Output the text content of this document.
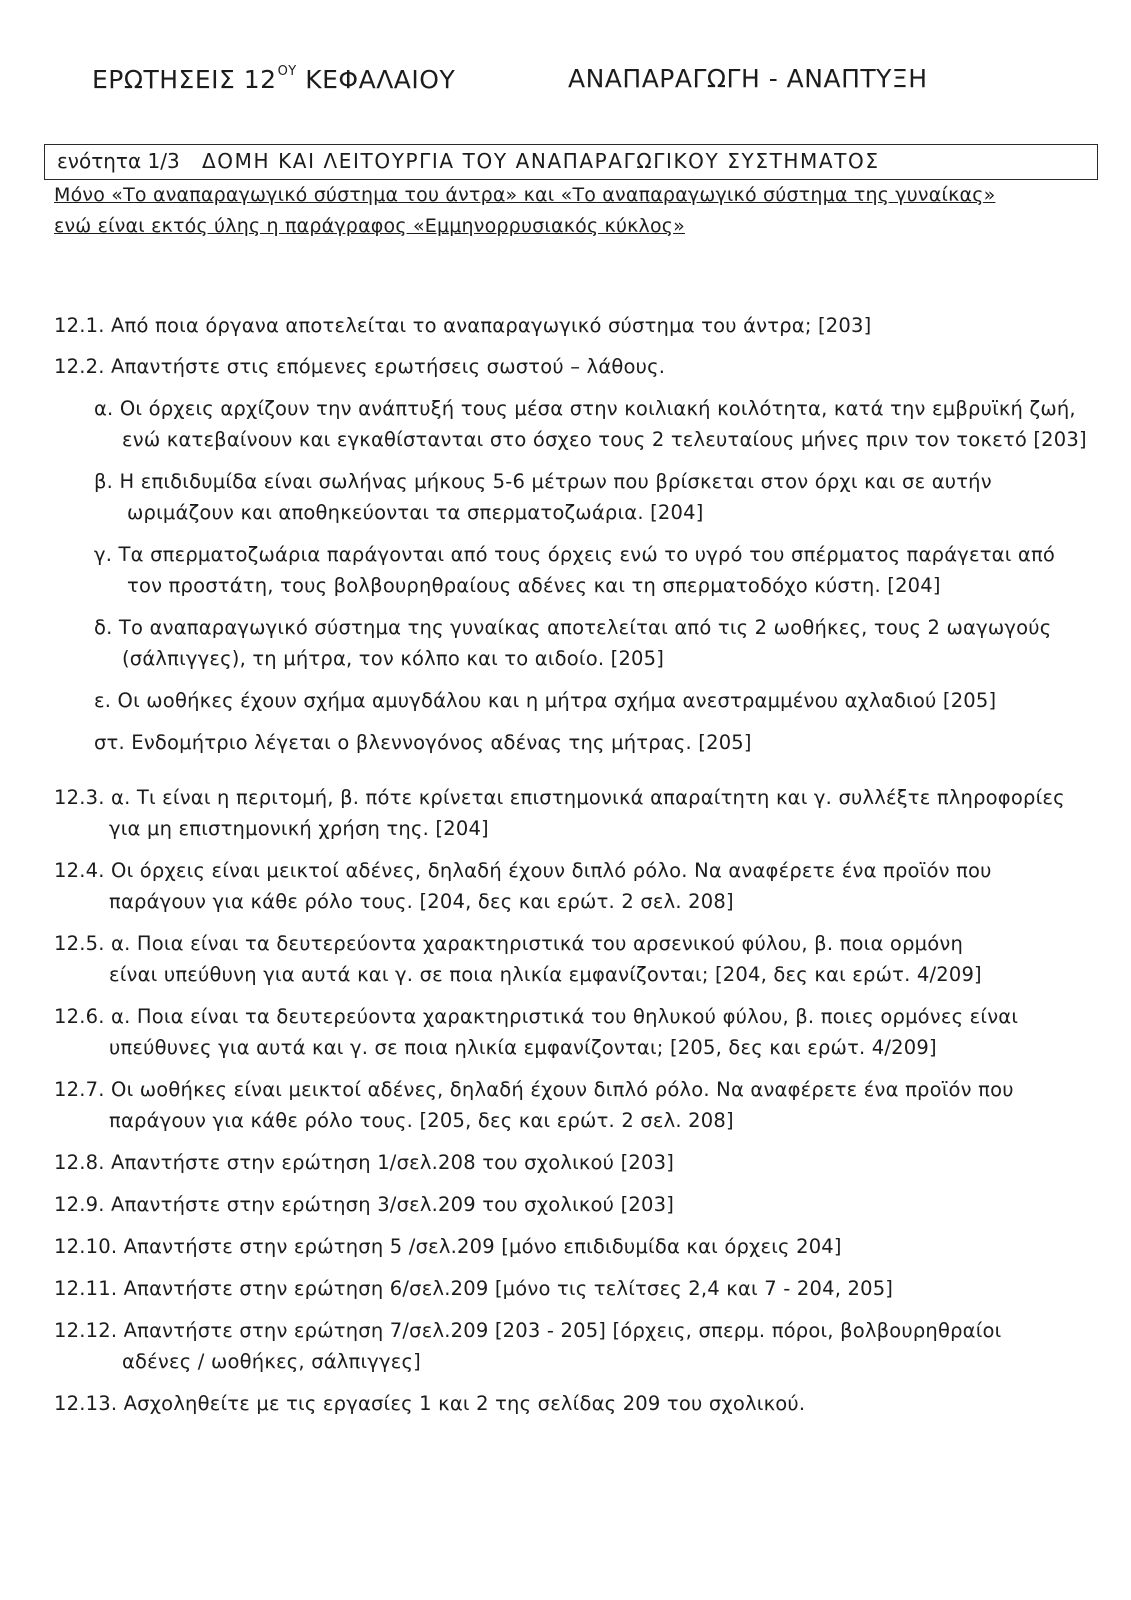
ΕΡΩΤΗΣΕΙΣ $12^{O\Upsilon}$ ΚΕΦΑΛΑΙΟΥ	ΑΝΑΠΑΡΑΓΩΓΗ - ΑΝΑΠΤΥΞΗ
ενότητα 1/3 ΔΟΜΗ ΚΑΙ ΛΕΙΤΟΥΡΓΙΑ ΤΟΥ ΑΝΑΠΑΡΑΓΩΓΙΚΟΥ ΣΥΣΤΗΜΑΤΟΣ
Μόνο «Το αναπαραγωγικό σύστημα του άντρα» και «Το αναπαραγωγικό σύστημα της γυναίκας»
ενώ είναι εκτός ύλης η παράγραφος «Εμμηνορρυσιακός κύκλος»
12.1. Από ποια όργανα αποτελείται το αναπαραγωγικό σύστημα του άντρα; [203]
12.2. Απαντήστε στις επόμενες ερωτήσεις σωστού – λάθους.
α. Οι όρχεις αρχίζουν την ανάπτυξή τους μέσα στην κοιλιακή κοιλότητα, κατά την εμβρυϊκή ζωή,
ενώ κατεβαίνουν και εγκαθίστανται στο όσχεο τους 2 τελευταίους μήνες πριν τον τοκετό [203]
β. Η επιδιδυμίδα είναι σωλήνας μήκους 5-6 μέτρων που βρίσκεται στον όρχι και σε αυτήν
ωριμάζουν και αποθηκεύονται τα σπερματοζωάρια. [204]
γ. Τα σπερματοζωάρια παράγονται από τους όρχεις ενώ το υγρό του σπέρματος παράγεται από
τον προστάτη, τους βολβουρηθραίους αδένες και τη σπερματοδόχο κύστη. [204]
δ. Το αναπαραγωγικό σύστημα της γυναίκας αποτελείται από τις 2 ωοθήκες, τους 2 ωαγωγούς
(σάλπιγγες), τη μήτρα, τον κόλπο και το αιδοίο. [205]
ε. Οι ωοθήκες έχουν σχήμα αμυγδάλου και η μήτρα σχήμα ανεστραμμένου αχλαδιού [205]
στ. Ενδομήτριο λέγεται ο βλεννογόνος αδένας της μήτρας. [205]
12.3. α. Τι είναι η περιτομή, β. πότε κρίνεται επιστημονικά απαραίτητη και γ. συλλέξτε πληροφορίες
για μη επιστημονική χρήση της. [204]
12.4. Οι όρχεις είναι μεικτοί αδένες, δηλαδή έχουν διπλό ρόλο. Να αναφέρετε ένα προϊόν που
παράγουν για κάθε ρόλο τους. [204, δες και ερώτ. 2 σελ. 208]
12.5. α. Ποια είναι τα δευτερεύοντα χαρακτηριστικά του αρσενικού φύλου, β. ποια ορμόνη
είναι υπεύθυνη για αυτά και γ. σε ποια ηλικία εμφανίζονται; [204, δες και ερώτ. 4/209]
12.6. α. Ποια είναι τα δευτερεύοντα χαρακτηριστικά του θηλυκού φύλου, β. ποιες ορμόνες είναι
υπεύθυνες για αυτά και γ. σε ποια ηλικία εμφανίζονται; [205, δες και ερώτ. 4/209]
12.7. Οι ωοθήκες είναι μεικτοί αδένες, δηλαδή έχουν διπλό ρόλο. Να αναφέρετε ένα προϊόν που
παράγουν για κάθε ρόλο τους. [205, δες και ερώτ. 2 σελ. 208]
12.8. Απαντήστε στην ερώτηση 1/σελ.208 του σχολικού [203]
12.9. Απαντήστε στην ερώτηση 3/σελ.209 του σχολικού [203]
12.10. Απαντήστε στην ερώτηση 5 /σελ.209 [μόνο επιδιδυμίδα και όρχεις 204]
12.11. Απαντήστε στην ερώτηση 6/σελ.209 [μόνο τις τελίτσες 2,4 και 7 - 204, 205]
12.12. Απαντήστε στην ερώτηση 7/σελ.209 [203 - 205] [όρχεις, σπερμ. πόροι, βολβουρηθραίοι
αδένες / ωοθήκες, σάλπιγγες]
12.13. Ασχοληθείτε με τις εργασίες 1 και 2 της σελίδας 209 του σχολικού.
